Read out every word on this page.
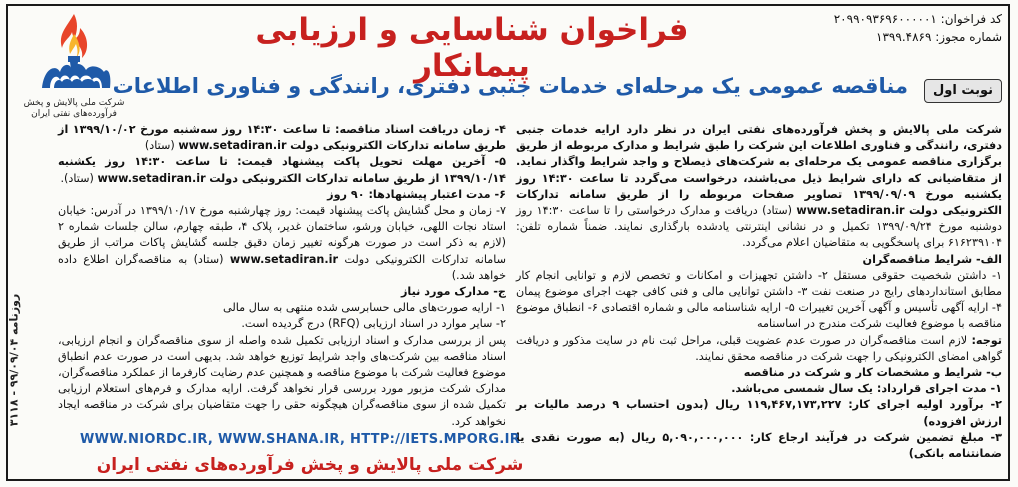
کد فراخوان: ۲۰۹۹۰۹۳۶۹۶۰۰۰۰۰۱
شماره مجوز: ۱۳۹۹.۴۸۶۹
فراخوان شناسایی و ارزیابی پیمانکار
شرکت ملی پالایش و پخش فرآورده‌های نفتی ایران
نوبت اول
مناقصه عمومی یک مرحله‌ای خدمات جنبی دفتری، رانندگی و فناوری اطلاعات

شرکت ملی پالایش و پخش فرآورده‌های نفتی ایران در نظر دارد ارایه خدمات جنبی دفتری، رانندگی و فناوری اطلاعات این شرکت را طبق شرایط و مدارک مربوطه از طریق برگزاری مناقصه عمومی یک مرحله‌ای به شرکت‌های ذیصلاح و واجد شرایط واگذار نماید. از متقاضیانی که دارای شرایط ذیل می‌باشند، درخواست می‌گردد تا ساعت ۱۴:۳۰ روز یکشنبه مورخ ۱۳۹۹/۰۹/۰۹ تصاویر صفحات مربوطه را از طریق سامانه تدارکات الکترونیکی دولت www.setadiran.ir (ستاد) دریافت و مدارک درخواستی را تا ساعت ۱۴:۳۰ روز دوشنبه مورخ ۱۳۹۹/۰۹/۲۴ تکمیل و در نشانی اینترنتی یادشده بارگذاری نمایند. ضمناً شماره تلفن: ۶۱۶۲۳۹۱۰۴ برای پاسخگویی به متقاضیان اعلام می‌گردد.

الف- شرایط مناقصه‌گران

۱- داشتن شخصیت حقوقی مستقل ۲- داشتن تجهیزات و امکانات و تخصص لازم و توانایی انجام کار مطابق استانداردهای رایج در صنعت نفت ۳- داشتن توانایی مالی و فنی کافی جهت اجرای موضوع پیمان ۴- ارایه آگهی تأسیس و آگهی آخرین تغییرات ۵- ارایه شناسنامه مالی و شماره اقتصادی ۶- انطباق موضوع مناقصه با موضوع فعالیت شرکت مندرج در اساسنامه

توجه: لازم است مناقصه‌گران در صورت عدم عضویت قبلی، مراحل ثبت نام در سایت مذکور و دریافت گواهی امضای الکترونیکی را جهت شرکت در مناقصه محقق نمایند.

ب- شرایط و مشخصات کار و شرکت در مناقصه

۱- مدت اجرای قرارداد: یک سال شمسی می‌باشد.

۲- برآورد اولیه اجرای کار: ۱۱۹,۴۶۷,۱۷۳,۲۲۷ ریال (بدون احتساب ۹ درصد مالیات بر ارزش افزوده)

۳- مبلغ تضمین شرکت در فرآیند ارجاع کار: ۵,۰۹۰,۰۰۰,۰۰۰ ریال (به صورت نقدی یا ضمانتنامه بانکی)

۴- زمان دریافت اسناد مناقصه: تا ساعت ۱۴:۳۰ روز سه‌شنبه مورخ ۱۳۹۹/۱۰/۰۲ از طریق سامانه تدارکات الکترونیکی دولت www.setadiran.ir (ستاد)

۵- آخرین مهلت تحویل پاکت پیشنهاد قیمت: تا ساعت ۱۴:۳۰ روز یکشنبه ۱۳۹۹/۱۰/۱۴ از طریق سامانه تدارکات الکترونیکی دولت www.setadiran.ir (ستاد).

۶- مدت اعتبار پیشنهادها: ۹۰ روز

۷- زمان و محل گشایش پاکت پیشنهاد قیمت: روز چهارشنبه مورخ ۱۳۹۹/۱۰/۱۷ در آدرس: خیابان استاد نجات اللهی، خیابان ورشو، ساختمان غدیر، پلاک ۴، طبقه چهارم، سالن جلسات شماره ۲ (لازم به ذکر است در صورت هرگونه تغییر زمان دقیق جلسه گشایش پاکات مراتب از طریق سامانه تدارکات الکترونیکی دولت www.setadiran.ir (ستاد) به مناقصه‌گران اطلاع داده خواهد شد.)

ج- مدارک مورد نیاز

۱- ارایه صورت‌های مالی حسابرسی شده منتهی به سال مالی

۲- سایر موارد در اسناد ارزیابی (RFQ) درج گردیده است.

پس از بررسی مدارک و اسناد ارزیابی تکمیل شده واصله از سوی مناقصه‌گران و انجام ارزیابی، اسناد مناقصه بین شرکت‌های واجد شرایط توزیع خواهد شد. بدیهی است در صورت عدم انطباق موضوع فعالیت شرکت با موضوع مناقصه و همچنین عدم رضایت کارفرما از عملکرد مناقصه‌گران، مدارک شرکت مزبور مورد بررسی قرار نخواهد گرفت. ارایه مدارک و فرم‌های استعلام ارزیابی تکمیل شده از سوی مناقصه‌گران هیچگونه حقی را جهت متقاضیان برای شرکت در مناقصه ایجاد نخواهد کرد.

روزنامه ۹۹/۰۹/۰۴ - ۳۱۱۸
WWW.NIORDC.IR, WWW.SHANA.IR, HTTP://IETS.MPORG.IR
شرکت ملی پالایش و پخش فرآورده‌های نفتی ایران
